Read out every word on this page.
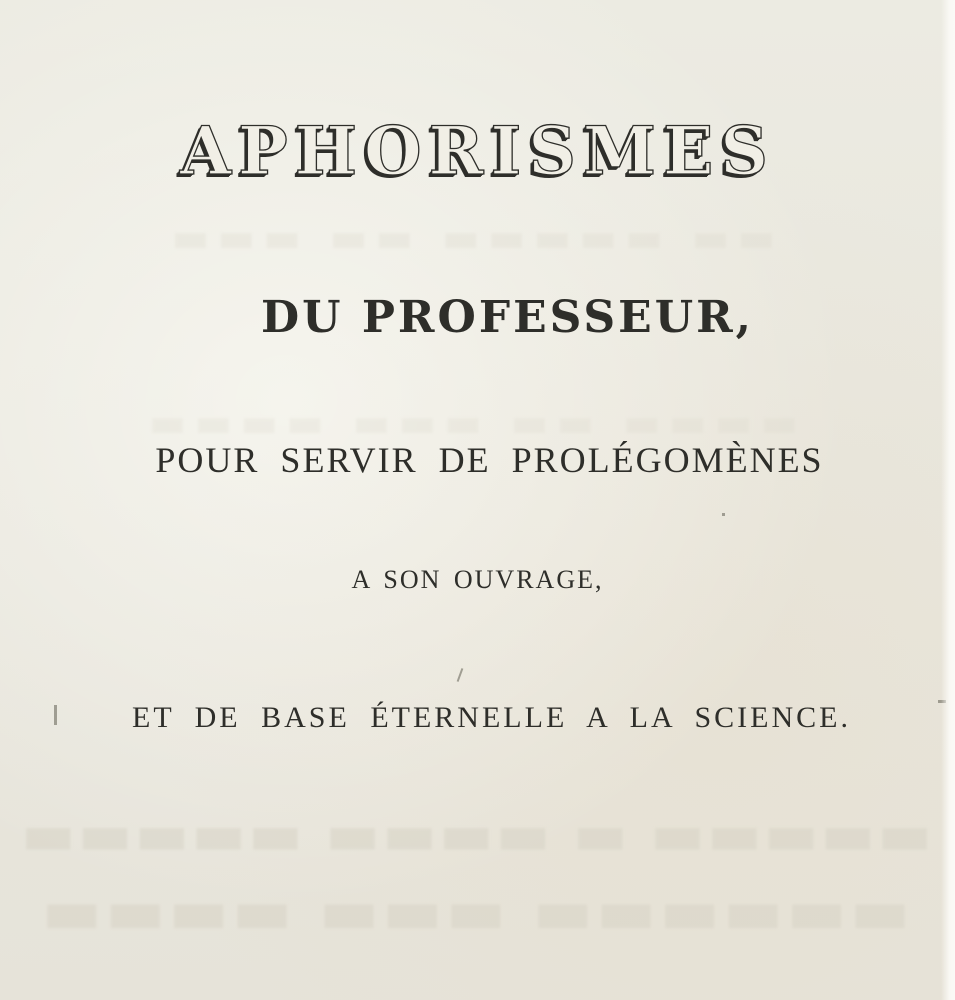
▬▬▬ ▬▬ ▬▬▬▬▬ ▬▬
▬▬▬▬ ▬▬▬ ▬▬ ▬▬▬▬
▬▬▬▬▬ ▬▬▬▬ ▬ ▬▬▬▬▬
▬▬▬▬ ▬▬▬ ▬▬▬▬▬▬
APHORISMES
DU PROFESSEUR,
POUR SERVIR DE PROLÉGOMÈNES
A SON OUVRAGE,
ET DE BASE ÉTERNELLE A LA SCIENCE.
